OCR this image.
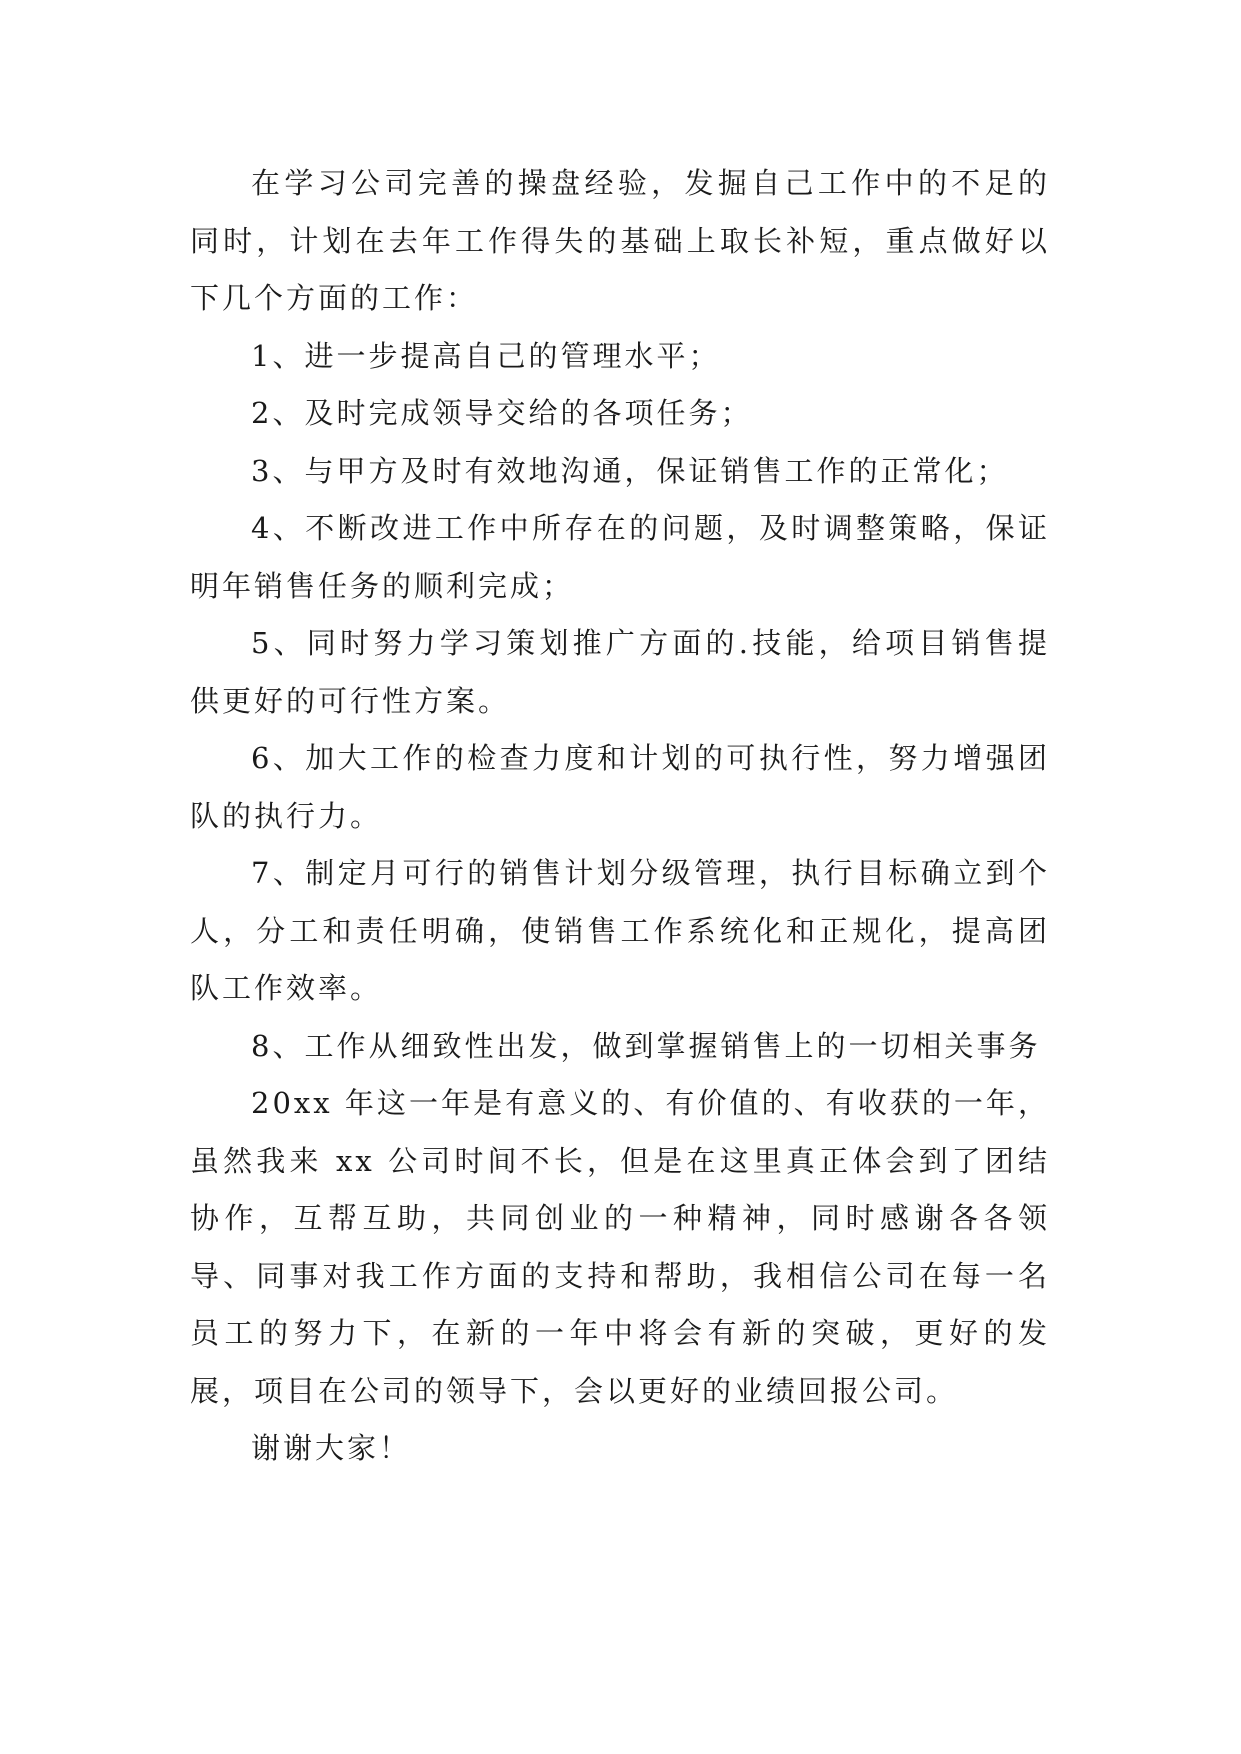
在学习公司完善的操盘经验，发掘自己工作中的不足的同时，计划在去年工作得失的基础上取长补短，重点做好以下几个方面的工作：

1、进一步提高自己的管理水平；

2、及时完成领导交给的各项任务；

3、与甲方及时有效地沟通，保证销售工作的正常化；

4、不断改进工作中所存在的问题，及时调整策略，保证明年销售任务的顺利完成；

5、同时努力学习策划推广方面的.技能，给项目销售提供更好的可行性方案。

6、加大工作的检查力度和计划的可执行性，努力增强团队的执行力。

7、制定月可行的销售计划分级管理，执行目标确立到个人，分工和责任明确，使销售工作系统化和正规化，提高团队工作效率。

8、工作从细致性出发，做到掌握销售上的一切相关事务

20xx 年这一年是有意义的、有价值的、有收获的一年，虽然我来 xx 公司时间不长，但是在这里真正体会到了团结协作，互帮互助，共同创业的一种精神，同时感谢各各领导、同事对我工作方面的支持和帮助，我相信公司在每一名员工的努力下，在新的一年中将会有新的突破，更好的发展，项目在公司的领导下，会以更好的业绩回报公司。

谢谢大家！
